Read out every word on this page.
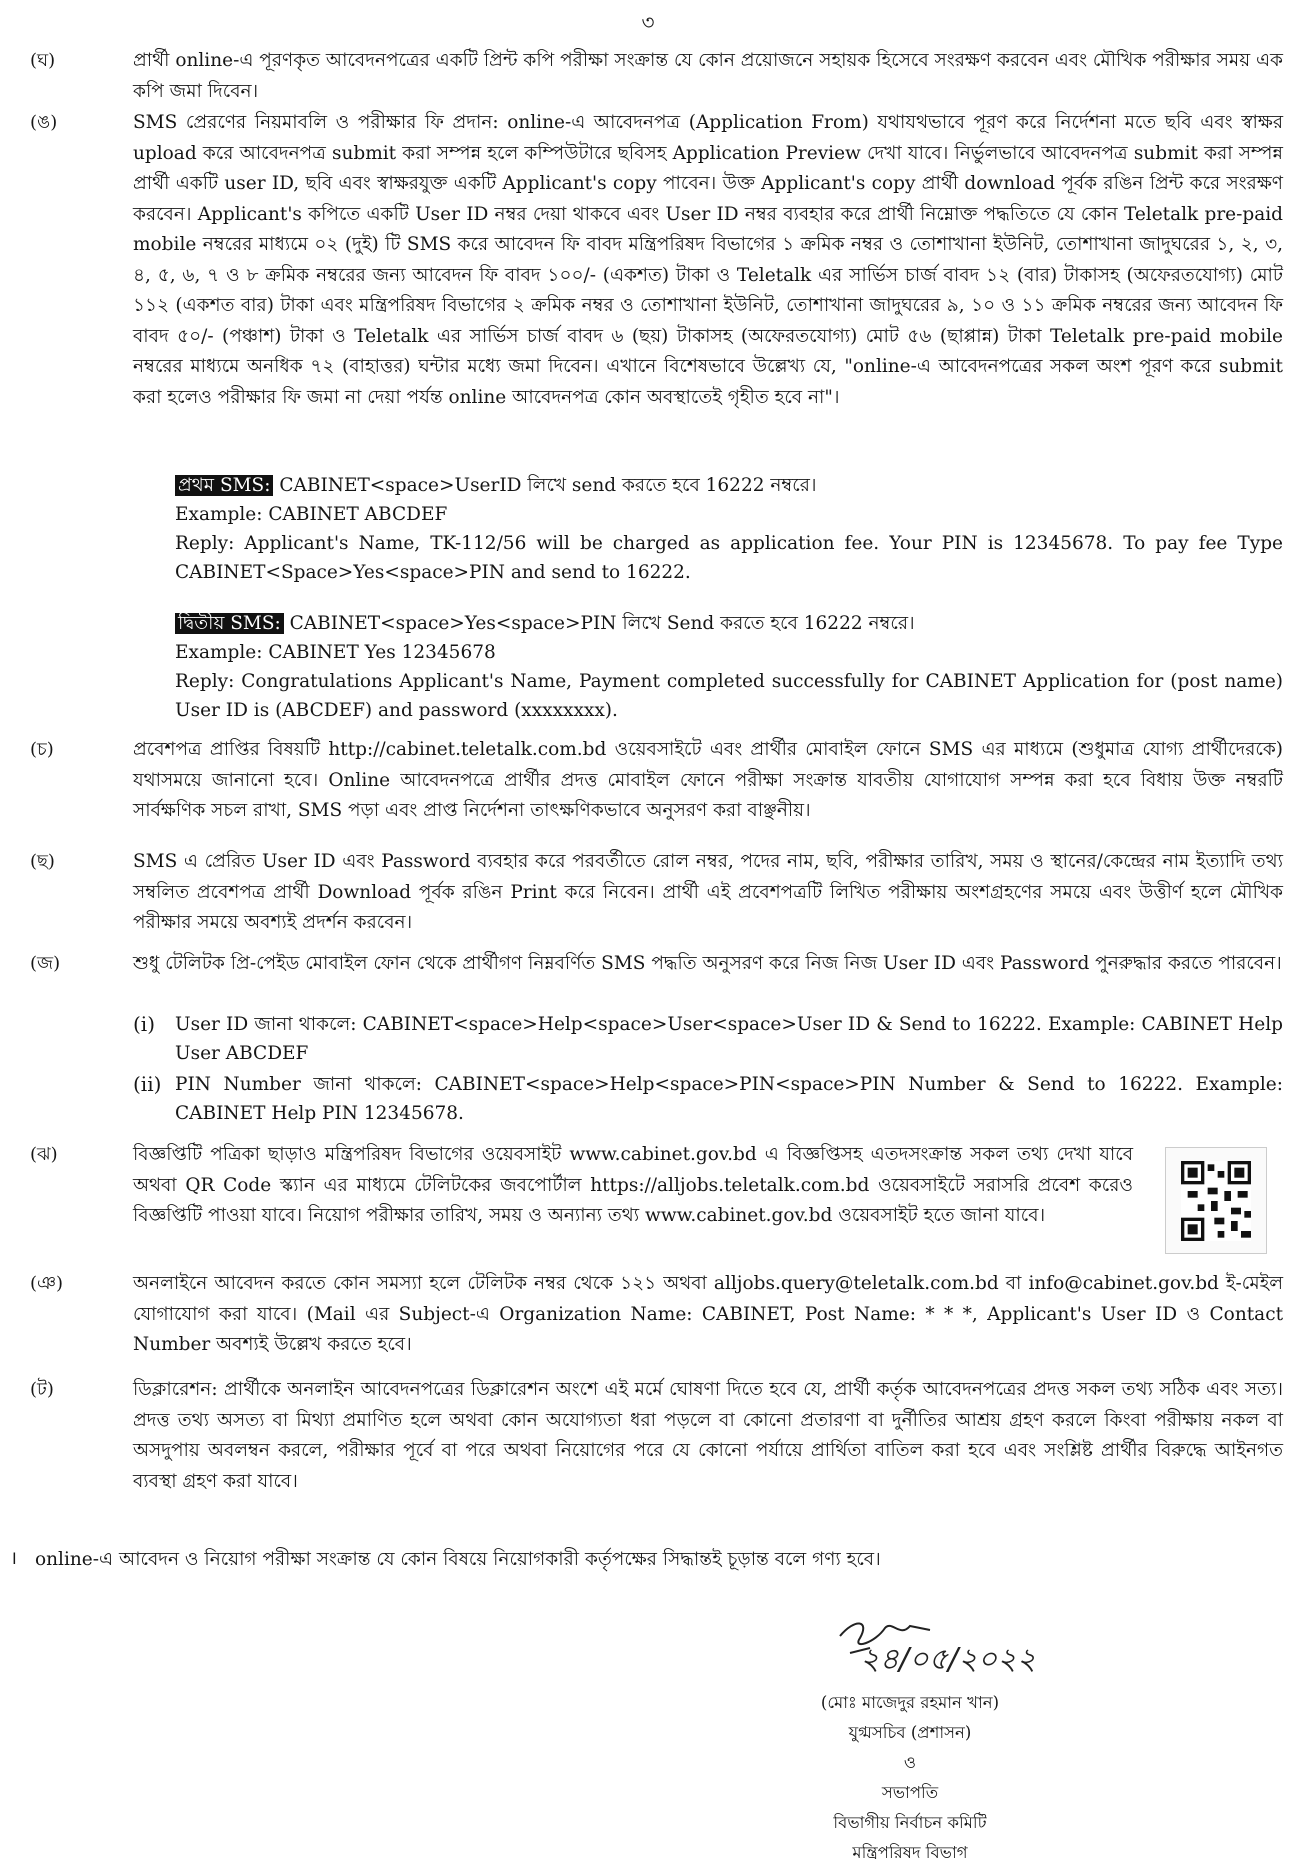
৩
(ঘ)	প্রার্থী online-এ পূরণকৃত আবেদনপত্রের একটি প্রিন্ট কপি পরীক্ষা সংক্রান্ত যে কোন প্রয়োজনে সহায়ক হিসেবে সংরক্ষণ করবেন এবং মৌখিক পরীক্ষার সময় এক কপি জমা দিবেন।
(ঙ)	SMS প্রেরণের নিয়মাবলি ও পরীক্ষার ফি প্রদান: online-এ আবেদনপত্র (Application From) যথাযথভাবে পূরণ করে নির্দেশনা মতে ছবি এবং স্বাক্ষর upload করে আবেদনপত্র submit করা সম্পন্ন হলে কম্পিউটারে ছবিসহ Application Preview দেখা যাবে। নির্ভুলভাবে আবেদনপত্র submit করা সম্পন্ন প্রার্থী একটি user ID, ছবি এবং স্বাক্ষরযুক্ত একটি Applicant's copy পাবেন। উক্ত Applicant's copy প্রার্থী download পূর্বক রঙিন প্রিন্ট করে সংরক্ষণ করবেন। Applicant's কপিতে একটি User ID নম্বর দেয়া থাকবে এবং User ID নম্বর ব্যবহার করে প্রার্থী নিম্নোক্ত পদ্ধতিতে যে কোন Teletalk pre-paid mobile নম্বরের মাধ্যমে ০২ (দুই) টি SMS করে আবেদন ফি বাবদ মন্ত্রিপরিষদ বিভাগের ১ ক্রমিক নম্বর ও তোশাখানা ইউনিট, তোশাখানা জাদুঘরের ১, ২, ৩, ৪, ৫, ৬, ৭ ও ৮ ক্রমিক নম্বরের জন্য আবেদন ফি বাবদ ১০০/- (একশত) টাকা ও Teletalk এর সার্ভিস চার্জ বাবদ ১২ (বার) টাকাসহ (অফেরতযোগ্য) মোট ১১২ (একশত বার) টাকা এবং মন্ত্রিপরিষদ বিভাগের ২ ক্রমিক নম্বর ও তোশাখানা ইউনিট, তোশাখানা জাদুঘরের ৯, ১০ ও ১১ ক্রমিক নম্বরের জন্য আবেদন ফি বাবদ ৫০/- (পঞ্চাশ) টাকা ও Teletalk এর সার্ভিস চার্জ বাবদ ৬ (ছয়) টাকাসহ (অফেরতযোগ্য) মোট ৫৬ (ছাপ্পান্ন) টাকা Teletalk pre-paid mobile নম্বরের মাধ্যমে অনধিক ৭২ (বাহাত্তর) ঘন্টার মধ্যে জমা দিবেন। এখানে বিশেষভাবে উল্লেখ্য যে, "online-এ আবেদনপত্রের সকল অংশ পূরণ করে submit করা হলেও পরীক্ষার ফি জমা না দেয়া পর্যন্ত online আবেদনপত্র কোন অবস্থাতেই গৃহীত হবে না"।

প্রথম SMS: CABINET<space>UserID লিখে send করতে হবে 16222 নম্বরে।

Example: CABINET ABCDEF

Reply: Applicant's Name, TK-112/56 will be charged as application fee. Your PIN is 12345678. To pay fee Type CABINET<Space>Yes<space>PIN and send to 16222.

দ্বিতীয় SMS: CABINET<space>Yes<space>PIN লিখে Send করতে হবে 16222 নম্বরে।

Example: CABINET Yes 12345678

Reply: Congratulations Applicant's Name, Payment completed successfully for CABINET Application for (post name) User ID is (ABCDEF) and password (xxxxxxxx).

(চ)	প্রবেশপত্র প্রাপ্তির বিষয়টি http://cabinet.teletalk.com.bd ওয়েবসাইটে এবং প্রার্থীর মোবাইল ফোনে SMS এর মাধ্যমে (শুধুমাত্র যোগ্য প্রার্থীদেরকে) যথাসময়ে জানানো হবে। Online আবেদনপত্রে প্রার্থীর প্রদত্ত মোবাইল ফোনে পরীক্ষা সংক্রান্ত যাবতীয় যোগাযোগ সম্পন্ন করা হবে বিধায় উক্ত নম্বরটি সার্বক্ষণিক সচল রাখা, SMS পড়া এবং প্রাপ্ত নির্দেশনা তাৎক্ষণিকভাবে অনুসরণ করা বাঞ্ছনীয়।
(ছ)	SMS এ প্রেরিত User ID এবং Password ব্যবহার করে পরবর্তীতে রোল নম্বর, পদের নাম, ছবি, পরীক্ষার তারিখ, সময় ও স্থানের/কেন্দ্রের নাম ইত্যাদি তথ্য সম্বলিত প্রবেশপত্র প্রার্থী Download পূর্বক রঙিন Print করে নিবেন। প্রার্থী এই প্রবেশপত্রটি লিখিত পরীক্ষায় অংশগ্রহণের সময়ে এবং উত্তীর্ণ হলে মৌখিক পরীক্ষার সময়ে অবশ্যই প্রদর্শন করবেন।
(জ)	শুধু টেলিটক প্রি-পেইড মোবাইল ফোন থেকে প্রার্থীগণ নিম্নবর্ণিত SMS পদ্ধতি অনুসরণ করে নিজ নিজ User ID এবং Password পুনরুদ্ধার করতে পারবেন।
(i)	User ID জানা থাকলে: CABINET<space>Help<space>User<space>User ID & Send to 16222. Example: CABINET Help User ABCDEF
(ii) PIN Number জানা থাকলে: CABINET<space>Help<space>PIN<space>PIN Number & Send to 16222. Example: CABINET Help PIN 12345678.
(ঝ)	বিজ্ঞপ্তিটি পত্রিকা ছাড়াও মন্ত্রিপরিষদ বিভাগের ওয়েবসাইট www.cabinet.gov.bd এ বিজ্ঞপ্তিসহ এতদসংক্রান্ত সকল তথ্য দেখা যাবে অথবা QR Code স্ক্যান এর মাধ্যমে টেলিটকের জবপোর্টাল https://alljobs.teletalk.com.bd ওয়েবসাইটে সরাসরি প্রবেশ করেও বিজ্ঞপ্তিটি পাওয়া যাবে। নিয়োগ পরীক্ষার তারিখ, সময় ও অন্যান্য তথ্য www.cabinet.gov.bd ওয়েবসাইট হতে জানা যাবে।
(ঞ)	অনলাইনে আবেদন করতে কোন সমস্যা হলে টেলিটক নম্বর থেকে ১২১ অথবা alljobs.query@teletalk.com.bd বা info@cabinet.gov.bd ই-মেইল যোগাযোগ করা যাবে। (Mail এর Subject-এ Organization Name: CABINET, Post Name: * * *, Applicant's User ID ও Contact Number অবশ্যই উল্লেখ করতে হবে।
(ট)	ডিক্লারেশন: প্রার্থীকে অনলাইন আবেদনপত্রের ডিক্লারেশন অংশে এই মর্মে ঘোষণা দিতে হবে যে, প্রার্থী কর্তৃক আবেদনপত্রের প্রদত্ত সকল তথ্য সঠিক এবং সত্য। প্রদত্ত তথ্য অসত্য বা মিথ্যা প্রমাণিত হলে অথবা কোন অযোগ্যতা ধরা পড়লে বা কোনো প্রতারণা বা দুর্নীতির আশ্রয় গ্রহণ করলে কিংবা পরীক্ষায় নকল বা অসদুপায় অবলম্বন করলে, পরীক্ষার পূর্বে বা পরে অথবা নিয়োগের পরে যে কোনো পর্যায়ে প্রার্থিতা বাতিল করা হবে এবং সংশ্লিষ্ট প্রার্থীর বিরুদ্ধে আইনগত ব্যবস্থা গ্রহণ করা যাবে।
। online-এ আবেদন ও নিয়োগ পরীক্ষা সংক্রান্ত যে কোন বিষয়ে নিয়োগকারী কর্তৃপক্ষের সিদ্ধান্তই চূড়ান্ত বলে গণ্য হবে।
২৪/০৫/২০২২
(মোঃ মাজেদুর রহমান খান)
যুগ্মসচিব (প্রশাসন)
ও
সভাপতি
বিভাগীয় নির্বাচন কমিটি
মন্ত্রিপরিষদ বিভাগ
